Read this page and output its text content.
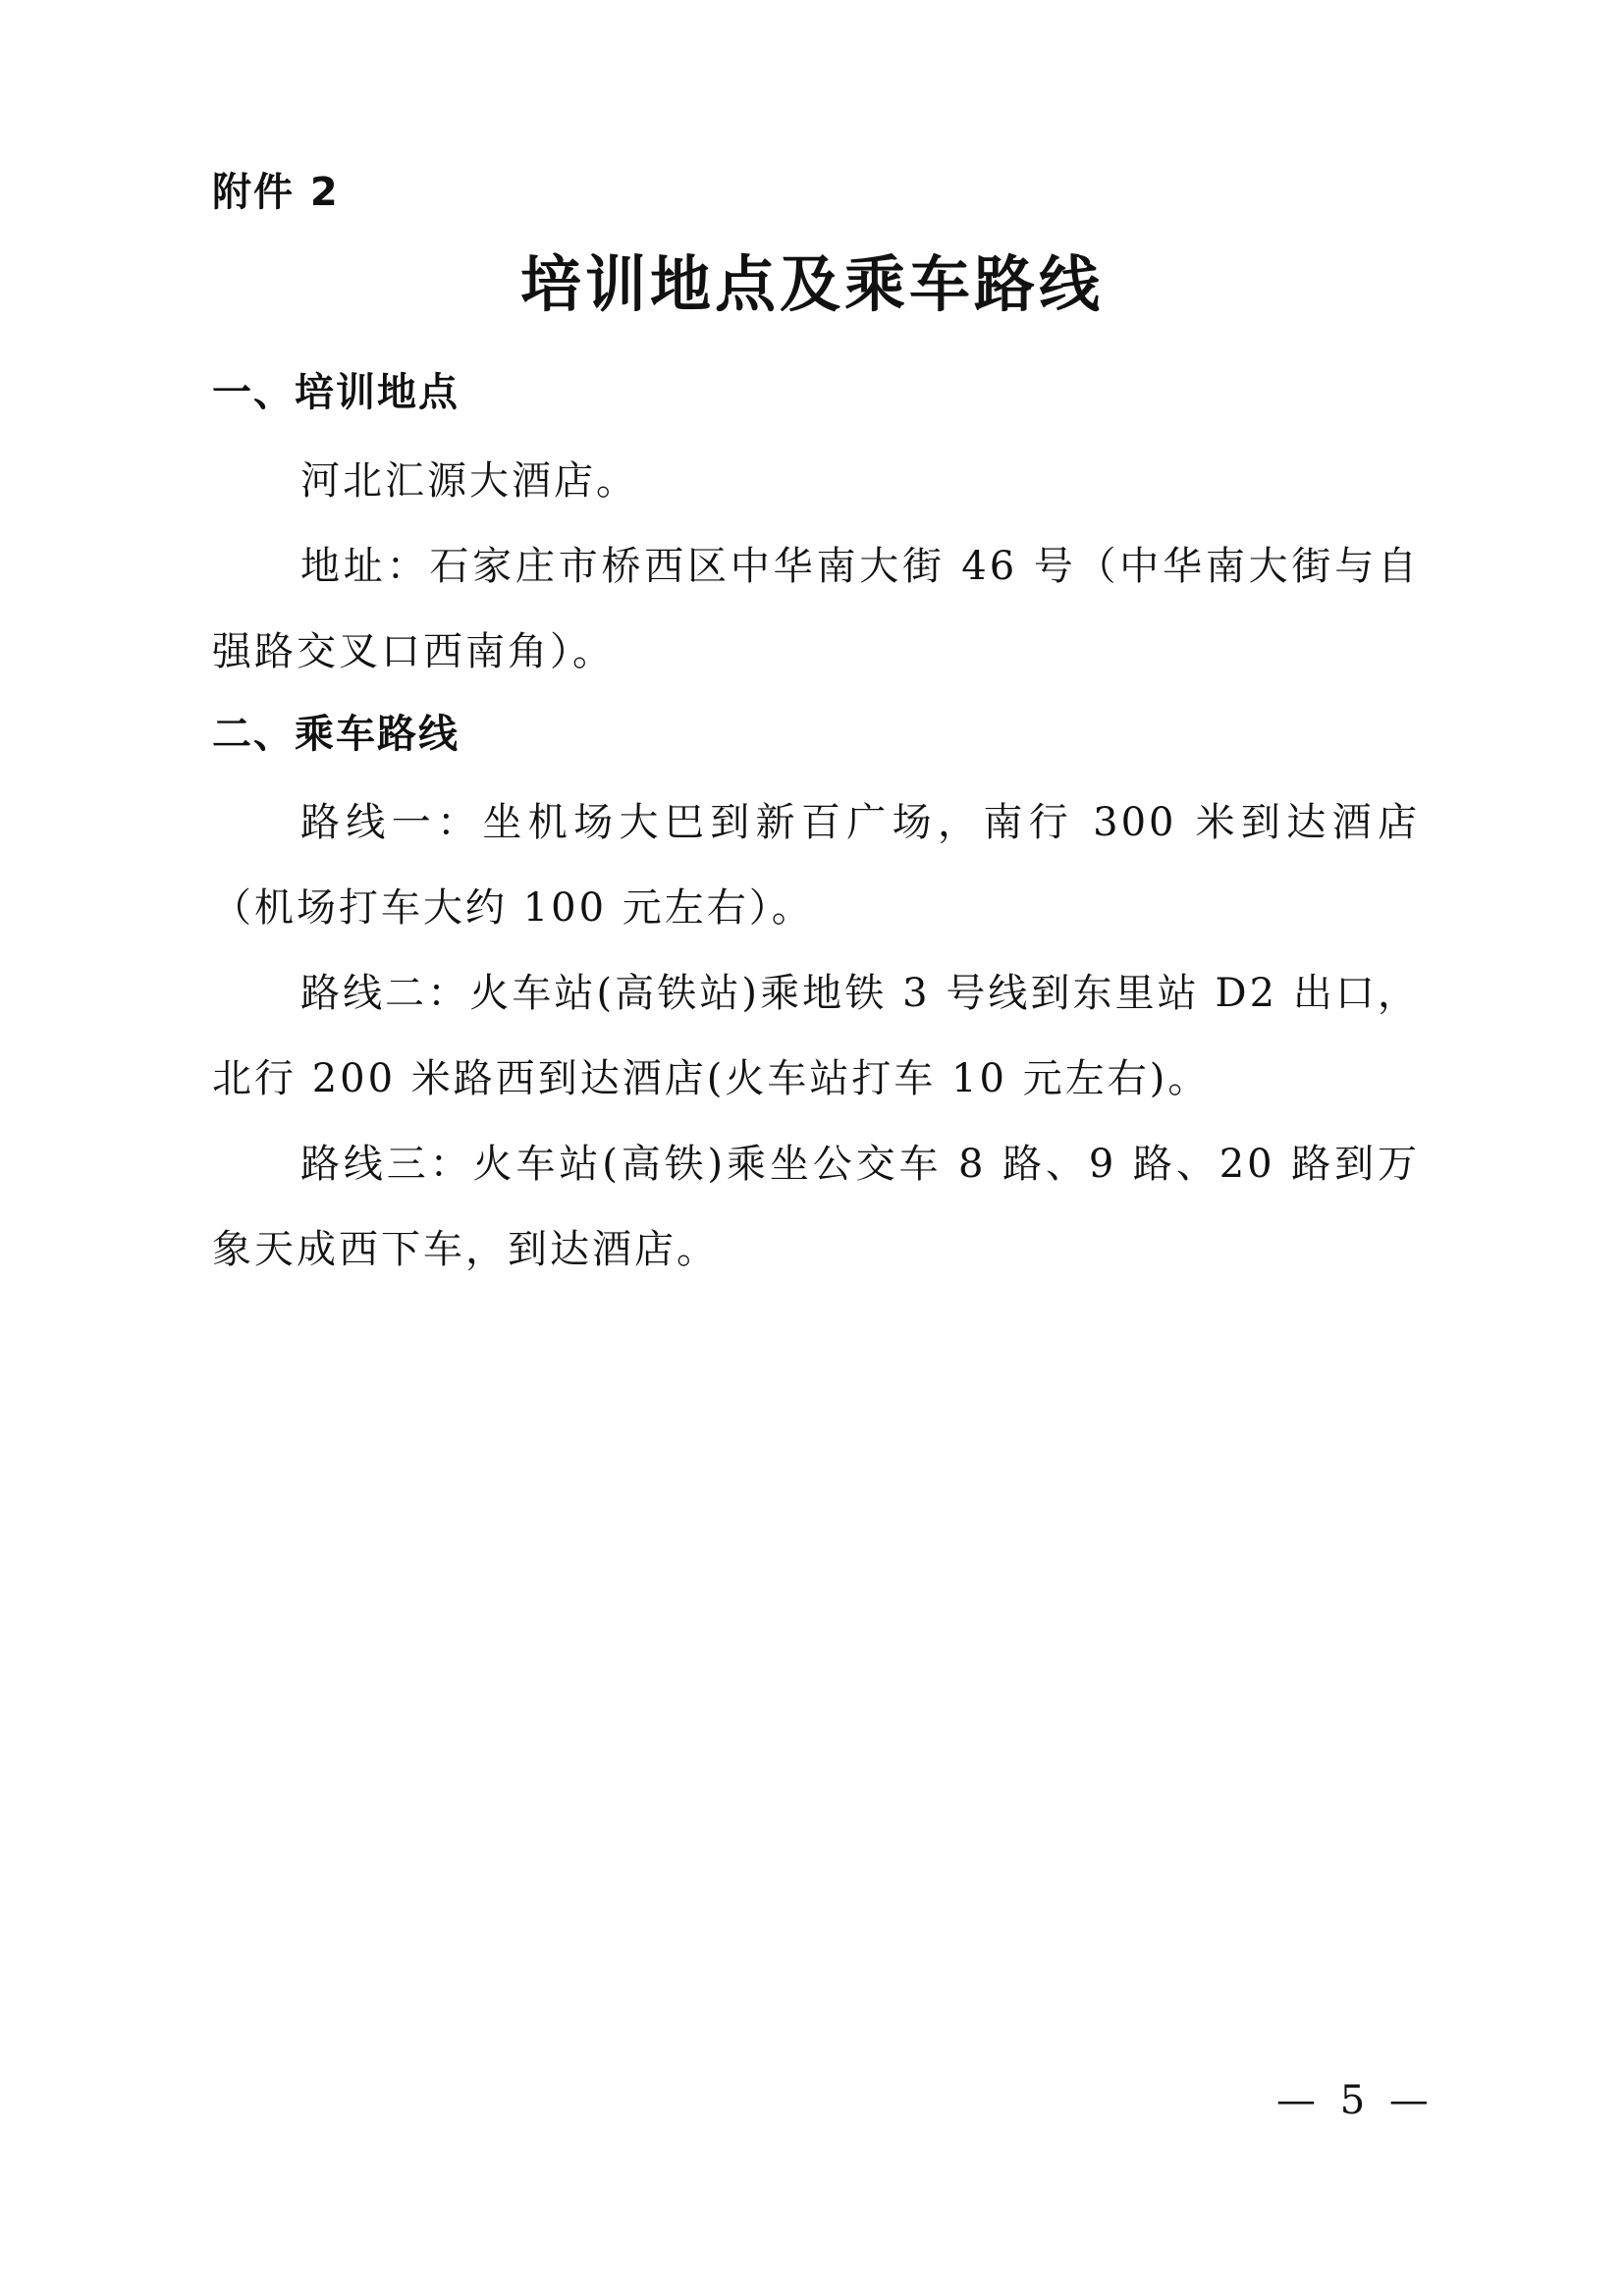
附件 2
培训地点及乘车路线
一、培训地点

河北汇源大酒店。

地址：石家庄市桥西区中华南大街 46 号（中华南大街与自强路交叉口西南角）。

二、乘车路线

路线一：坐机场大巴到新百广场，南行 300 米到达酒店（机场打车大约 100 元左右）。

路线二：火车站(高铁站)乘地铁 3 号线到东里站 D2 出口，北行 200 米路西到达酒店(火车站打车 10 元左右)。

路线三：火车站(高铁)乘坐公交车 8 路、9 路、20 路到万象天成西下车，到达酒店。

— 5 —
